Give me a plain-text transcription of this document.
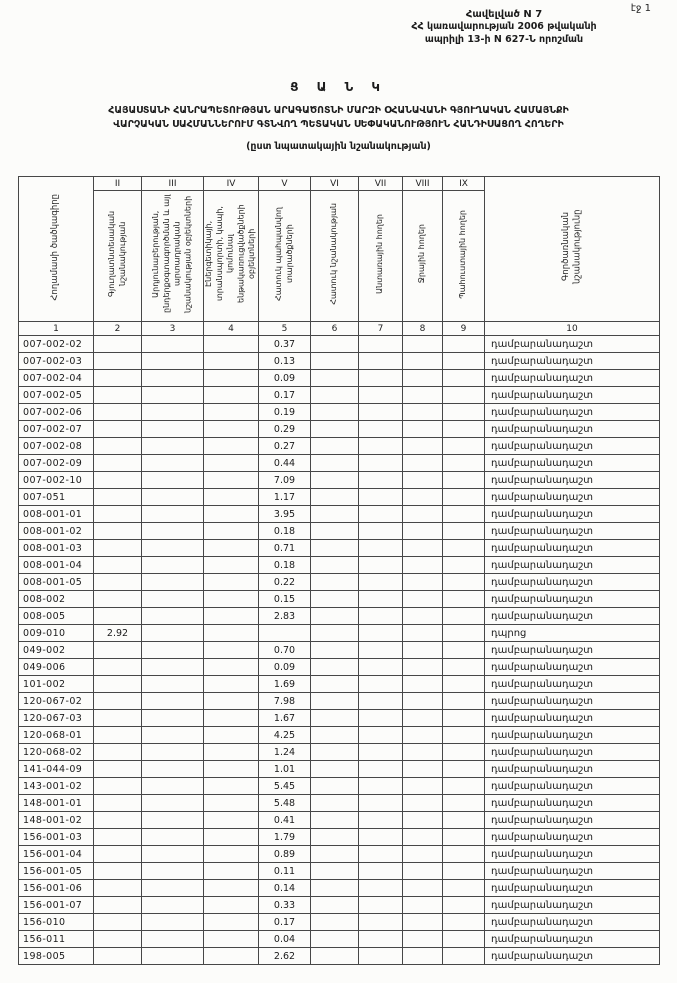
էջ 1
Հավելված N 7
ՀՀ կառավարության 2006 թվականի
ապրիլի 13-ի N 627-Ն որոշման
Ց Ա Ն Կ
ՀԱՅԱՍՏԱՆԻ ՀԱՆՐԱՊԵՏՈՒԹՅԱՆ ԱՐԱԳԱԾՈՏՆԻ ՄԱՐԶԻ ՕՀԱՆԱՎԱՆԻ ԳՅՈՒՂԱԿԱՆ ՀԱՄԱՅՆՔԻ
ՎԱՐՉԱԿԱՆ ՍԱՀՄԱՆՆԵՐՈՒՄ ԳՏՆՎՈՂ ՊԵՏԱԿԱՆ ՍԵՓԱԿԱՆՈՒԹՅՈՒՆ ՀԱՆԴԻՍԱՑՈՂ ՀՈՂԵՐԻ
(ըստ նպատակային նշանակության)
Հողամասի ծածկագիրը	II	III	IV	V	VI	VII	VIII	IX	Գործառնական նշանակությունը
	Գյուղատնտեսական նշանակության	Արդյունաբերության, ընդերքօգտագործման և այլ արտադրական նշանակության օբյեկտների	Էներգետիկայի, տրանսպորտի, կապի, կոմունալ ենթակառուցվածքների օբյեկտների	Հատուկ պահպանվող տարածքների	Հատուկ նշանակության	Անտառային հողեր	Ջրային հողեր	Պահուստային հողեր	
1	2	3	4	5	6	7	8	9	10
007-002-02				0.37					դամբարանադաշտ
007-002-03				0.13					դամբարանադաշտ
007-002-04				0.09					դամբարանադաշտ
007-002-05				0.17					դամբարանադաշտ
007-002-06				0.19					դամբարանադաշտ
007-002-07				0.29					դամբարանադաշտ
007-002-08				0.27					դամբարանադաշտ
007-002-09				0.44					դամբարանադաշտ
007-002-10				7.09					դամբարանադաշտ
007-051				1.17					դամբարանադաշտ
008-001-01				3.95					դամբարանադաշտ
008-001-02				0.18					դամբարանադաշտ
008-001-03				0.71					դամբարանադաշտ
008-001-04				0.18					դամբարանադաշտ
008-001-05				0.22					դամբարանադաշտ
008-002				0.15					դամբարանադաշտ
008-005				2.83					դամբարանադաշտ
009-010	2.92								դպրոց
049-002				0.70					դամբարանադաշտ
049-006				0.09					դամբարանադաշտ
101-002				1.69					դամբարանադաշտ
120-067-02				7.98					դամբարանադաշտ
120-067-03				1.67					դամբարանադաշտ
120-068-01				4.25					դամբարանադաշտ
120-068-02				1.24					դամբարանադաշտ
141-044-09				1.01					դամբարանադաշտ
143-001-02				5.45					դամբարանադաշտ
148-001-01				5.48					դամբարանադաշտ
148-001-02				0.41					դամբարանադաշտ
156-001-03				1.79					դամբարանադաշտ
156-001-04				0.89					դամբարանադաշտ
156-001-05				0.11					դամբարանադաշտ
156-001-06				0.14					դամբարանադաշտ
156-001-07				0.33					դամբարանադաշտ
156-010				0.17					դամբարանադաշտ
156-011				0.04					դամբարանադաշտ
198-005				2.62					դամբարանադաշտ
